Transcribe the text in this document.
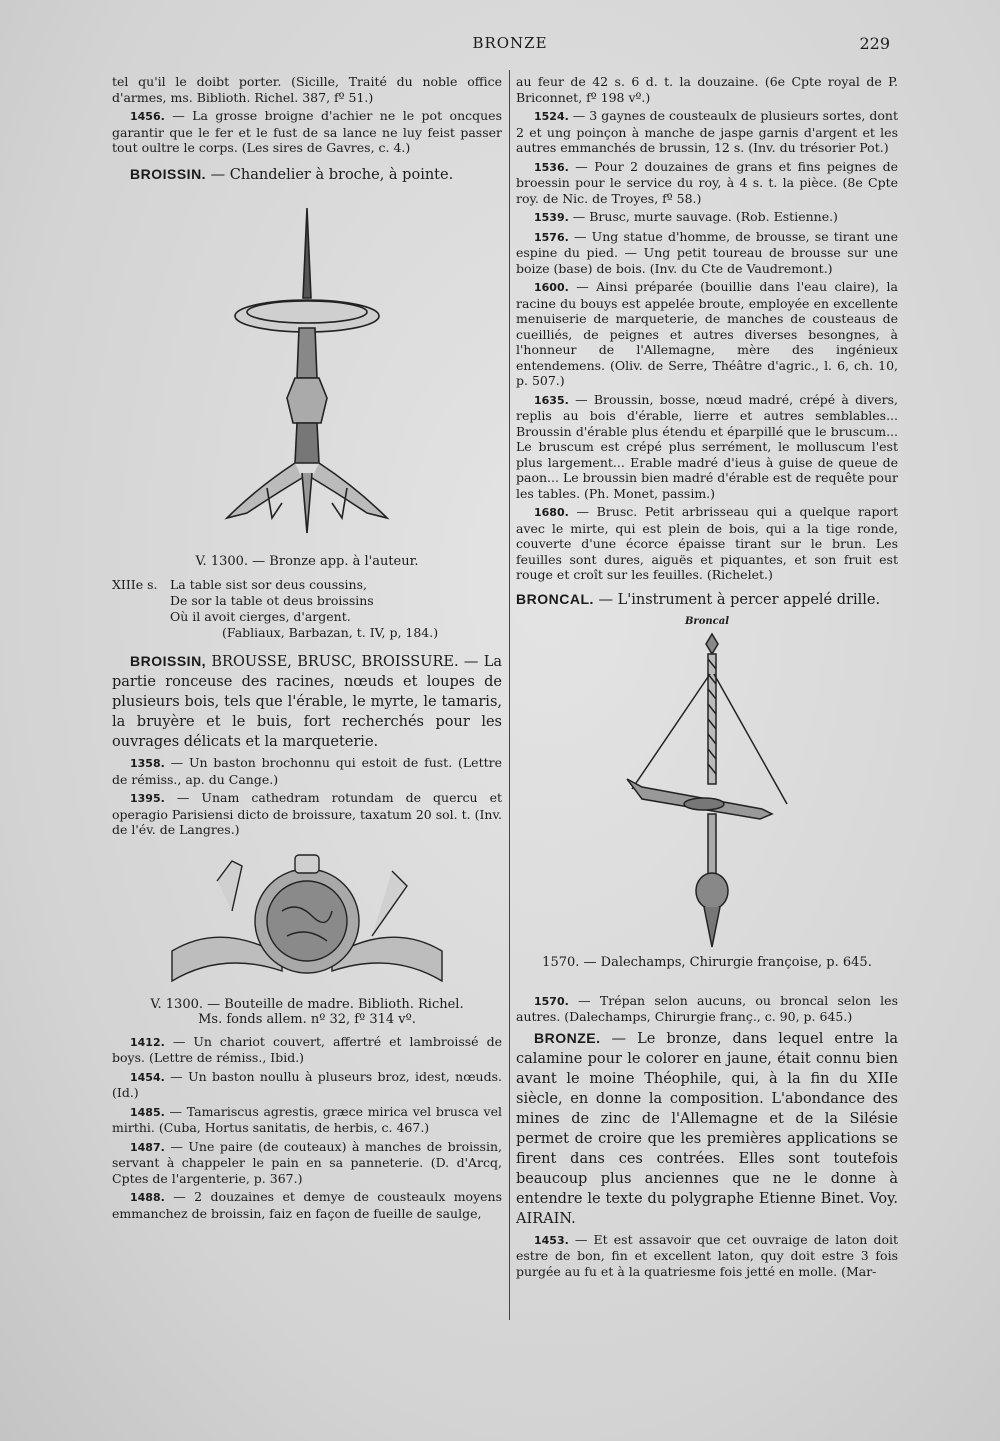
BRONZE	229

tel qu'il le doibt porter. (Sicille, Traité du noble office d'armes, ms. Biblioth. Richel. 387, fº 51.)

1456. — La grosse broigne d'achier ne le pot oncques garantir que le fer et le fust de sa lance ne luy feist passer tout oultre le corps. (Les sires de Gavres, c. 4.)

BROISSIN. — Chandelier à broche, à pointe.

V. 1300. — Bronze app. à l'auteur.

XIIIe s. La table sist sor deus coussins,
De sor la table ot deus broissins
Où il avoit cierges, d'argent.
(Fabliaux, Barbazan, t. IV, p, 184.)

BROISSIN, BROUSSE, BRUSC, BROISSURE. — La partie ronceuse des racines, nœuds et loupes de plusieurs bois, tels que l'érable, le myrte, le tamaris, la bruyère et le buis, fort recherchés pour les ouvrages délicats et la marqueterie.

1358. — Un baston brochonnu qui estoit de fust. (Lettre de rémiss., ap. du Cange.)

1395. — Unam cathedram rotundam de quercu et operagio Parisiensi dicto de broissure, taxatum 20 sol. t. (Inv. de l'év. de Langres.)

V. 1300. — Bouteille de madre. Biblioth. Richel.

Ms. fonds allem. nº 32, fº 314 vº.

1412. — Un chariot couvert, affertré et lambroissé de boys. (Lettre de rémiss., Ibid.)

1454. — Un baston noullu à pluseurs broz, idest, nœuds. (Id.)

1485. — Tamariscus agrestis, græce mirica vel brusca vel mirthi. (Cuba, Hortus sanitatis, de herbis, c. 467.)

1487. — Une paire (de couteaux) à manches de broissin, servant à chappeler le pain en sa panneterie. (D. d'Arcq, Cptes de l'argenterie, p. 367.)

1488. — 2 douzaines et demye de cousteaulx moyens emmanchez de broissin, faiz en façon de fueille de saulge,

au feur de 42 s. 6 d. t. la douzaine. (6e Cpte royal de P. Briconnet, fº 198 vº.)

1524. — 3 gaynes de cousteaulx de plusieurs sortes, dont 2 et ung poinçon à manche de jaspe garnis d'argent et les autres emmanchés de brussin, 12 s. (Inv. du trésorier Pot.)

1536. — Pour 2 douzaines de grans et fins peignes de broessin pour le service du roy, à 4 s. t. la pièce. (8e Cpte roy. de Nic. de Troyes, fº 58.)

1539. — Brusc, murte sauvage. (Rob. Estienne.)

1576. — Ung statue d'homme, de brousse, se tirant une espine du pied. — Ung petit toureau de brousse sur une boize (base) de bois. (Inv. du Cte de Vaudremont.)

1600. — Ainsi préparée (bouillie dans l'eau claire), la racine du bouys est appelée broute, employée en excellente menuiserie de marqueterie, de manches de cousteaus de cueilliés, de peignes et autres diverses besongnes, à l'honneur de l'Allemagne, mère des ingénieux entendemens. (Oliv. de Serre, Théâtre d'agric., l. 6, ch. 10, p. 507.)

1635. — Broussin, bosse, nœud madré, crépé à divers, replis au bois d'érable, lierre et autres semblables... Broussin d'érable plus étendu et éparpillé que le bruscum... Le bruscum est crépé plus serrément, le molluscum l'est plus largement... Erable madré d'ieus à guise de queue de paon... Le broussin bien madré d'érable est de requête pour les tables. (Ph. Monet, passim.)

1680. — Brusc. Petit arbrisseau qui a quelque raport avec le mirte, qui est plein de bois, qui a la tige ronde, couverte d'une écorce épaisse tirant sur le brun. Les feuilles sont dures, aiguës et piquantes, et son fruit est rouge et croît sur les feuilles. (Richelet.)

BRONCAL. — L'instrument à percer appelé drille.

Broncal

1570. — Dalechamps, Chirurgie françoise, p. 645.

1570. — Trépan selon aucuns, ou broncal selon les autres. (Dalechamps, Chirurgie franç., c. 90, p. 645.)

BRONZE. — Le bronze, dans lequel entre la calamine pour le colorer en jaune, était connu bien avant le moine Théophile, qui, à la fin du XIIe siècle, en donne la composition. L'abondance des mines de zinc de l'Allemagne et de la Silésie permet de croire que les premières applications se firent dans ces contrées. Elles sont toutefois beaucoup plus anciennes que ne le donne à entendre le texte du polygraphe Etienne Binet. Voy. AIRAIN.

1453. — Et est assavoir que cet ouvraige de laton doit estre de bon, fin et excellent laton, quy doit estre 3 fois purgée au fu et à la quatriesme fois jetté en molle. (Mar-
